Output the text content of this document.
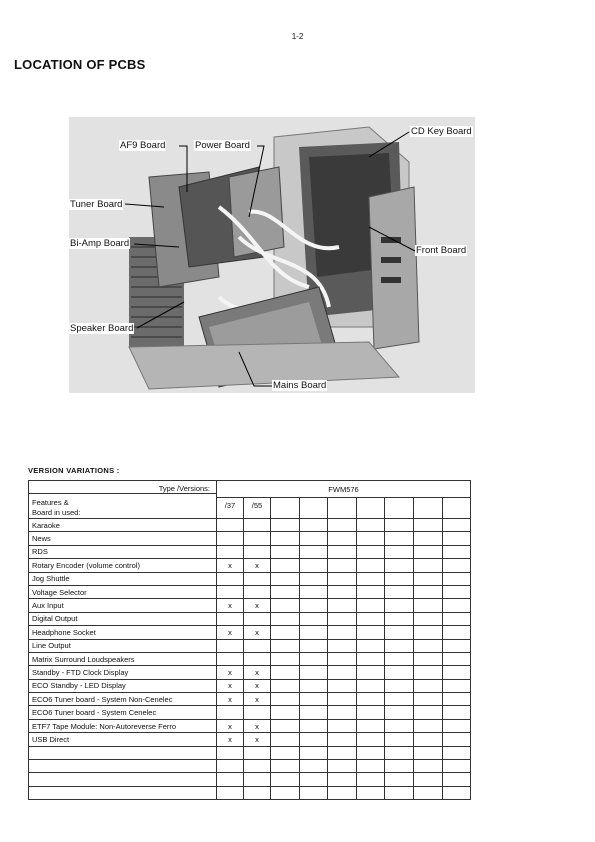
1-2
LOCATION OF PCBS
AF9 Board	Power Board
CD Key Board
Tuner Board
Bi-Amp Board
Front Board
Speaker Board
Mains Board
VERSION VARIATIONS :
Type /Versions:
Features &
Board in used:	FWM576								
	/37	/55							
Karaoke									
News									
RDS									
Rotary Encoder (volume control)	x	x							
Jog Shuttle									
Voltage Selector									
Aux Input	x	x							
Digital Output									
Headphone Socket	x	x							
Line Output									
Matrix Surround Loudspeakers									
Standby - FTD Clock Display	x	x							
ECO Standby - LED Display	x	x							
ECO6 Tuner board - System Non-Cenelec	x	x							
ECO6 Tuner board - System Cenelec									
ETF7 Tape Module: Non-Autoreverse Ferro	x	x							
USB Direct	x	x							
